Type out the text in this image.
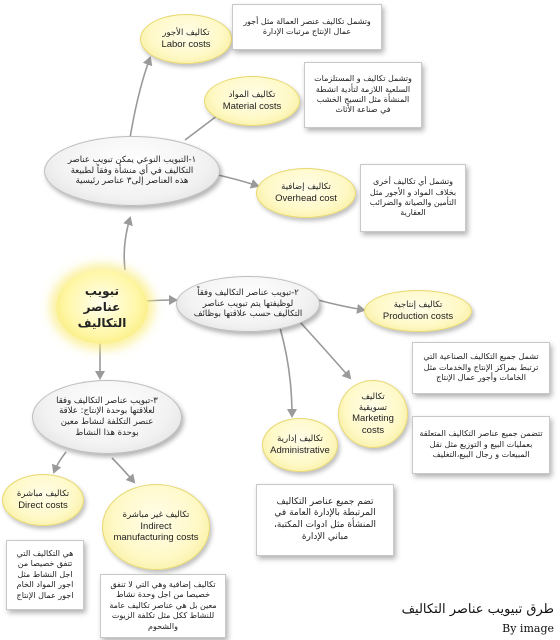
تبويب عناصر التكاليف
تكاليف الأجور
Labor costs
وتشمل تكاليف عنصر العمالة مثل أجور عمال الإنتاج مرتبات الإدارة
تكاليف المواد
Material costs
وتشمل تكاليف و المستلزمات السلعية اللازمة لتأدية انشطة المنشأة مثل النسيج الخشب في صناعة الأثاث
١-التبويب النوعي يمكن تبويب عناصر التكاليف في أي منشأة وفقاً لطبيعة هذه العناصر إلى٣ عناصر رئيسية
تكاليف إضافية
Overhead cost
وتشمل أي تكاليف أخرى بخلاف المواد و الأجور مثل التأمين والصيانة والضرائب العقارية
٢-تبويب عناصر التكاليف وفقاً لوظيفتها يتم تبويب عناصر التكاليف حسب علاقتها بوظائف
تكاليف إنتاجية
Production costs
تشمل جميع التكاليف الصناعية التي ترتبط بمراكز الإنتاج والخدمات مثل الخامات وأجور عمال الإنتاج
تكاليف تسويقية
Marketing costs	تتضمن جميع عناصر التكاليف المتعلقة بعمليات البيع و التوزيع مثل نقل المبيعات و رجال البيع،التغليف
تكاليف إدارية
Administrative
تضم جميع عناصر التكاليف المرتبطة بالإدارة العامة في المنشأة مثل ادوات المكتبة، مباني الإدارة
٣-تبويب عناصر التكاليف وفقا لعلاقتها بوحدة الإنتاج: علاقة عنصر التكلفة لنشاط معين بوحدة هذا النشاط
تكاليف مباشرة
Direct costs
هي التكاليف التي تتفق خصيصا من اجل النشاط مثل اجور المواد الخام اجور عمال الإنتاج
تكاليف غير مباشرة
Indirect manufacturing costs
تكاليف إضافية وهي التي لا تنفق خصيصا من اجل وحدة نشاط معين بل هي عناصر تكاليف عامة للنشاط ككل مثل تكلفة الزيوت والشحوم
طرق تبيويب عناصر التكاليف
By image
